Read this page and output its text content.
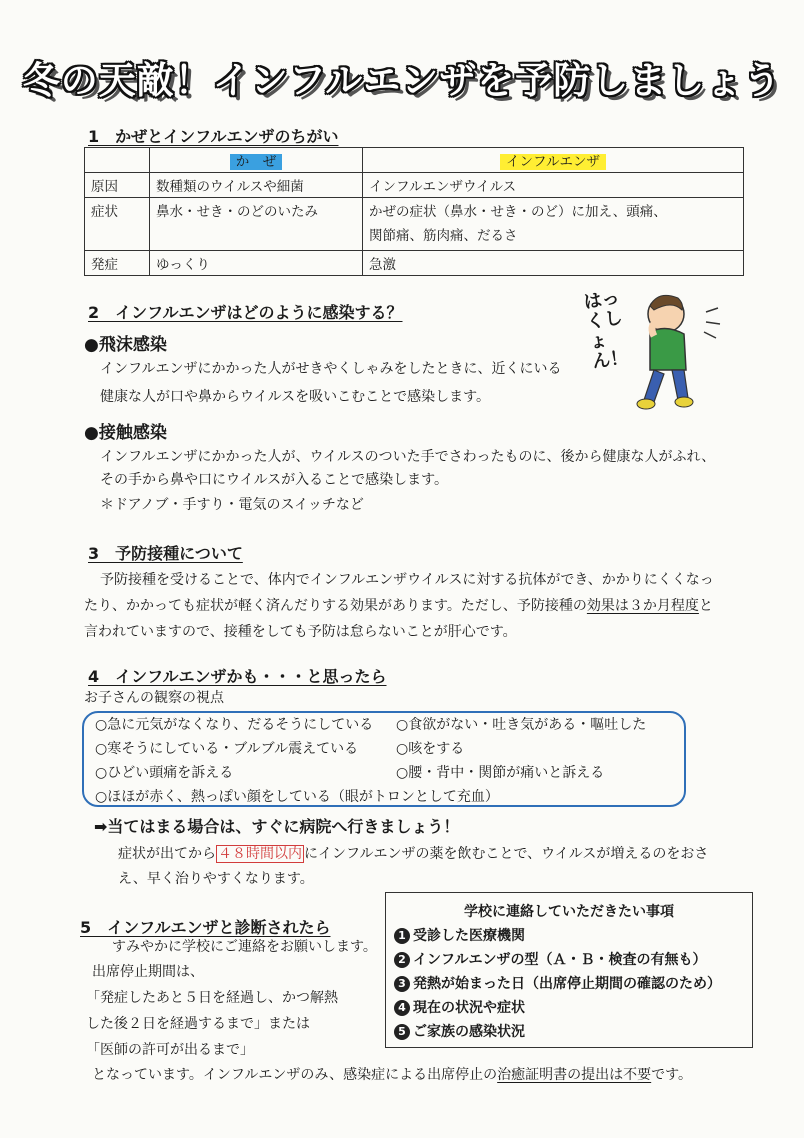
冬の天敵！インフルエンザを予防しましょう
1　かぜとインフルエンザのちがい
	か　ぜ	インフルエンザ
原因	数種類のウイルスや細菌	インフルエンザウイルス
症状	鼻水・せき・のどのいたみ	かぜの症状（鼻水・せき・のど）に加え、頭痛、
関節痛、筋肉痛、だるさ

発症	ゆっくり	急激
2　インフルエンザはどのように感染する？
●飛沫感染
インフルエンザにかかった人がせきやくしゃみをしたときに、近くにいる
健康な人が口や鼻からウイルスを吸いこむことで感染します。
●接触感染
インフルエンザにかかった人が、ウイルスのついた手でさわったものに、後から健康な人がふれ、
その手から鼻や口にウイルスが入ることで感染します。
＊ドアノブ・手すり・電気のスイッチなど
はっくしょん！
3　予防接種について
予防接種を受けることで、体内でインフルエンザウイルスに対する抗体ができ、かかりにくくなっ
たり、かかっても症状が軽く済んだりする効果があります。ただし、予防接種の効果は３か月程度と
言われていますので、接種をしても予防は怠らないことが肝心です。
4　インフルエンザかも・・・と思ったら
お子さんの観察の視点
○急に元気がなくなり、だるそうにしている ○食欲がない・吐き気がある・嘔吐した
○寒そうにしている・ブルブル震えている	○咳をする
○ひどい頭痛を訴える	○腰・背中・関節が痛いと訴える
○ほほが赤く、熱っぽい顔をしている（眼がトロンとして充血）
➡当てはまる場合は、すぐに病院へ行きましょう！
症状が出てから ４８時間以内 にインフルエンザの薬を飲むことで、ウイルスが増えるのをおさ
え、早く治りやすくなります。
5　インフルエンザと診断されたら
すみやかに学校にご連絡をお願いします。
出席停止期間は、
「発症したあと５日を経過し、かつ解熱
した後２日を経過するまで」または
「医師の許可が出るまで」
となっています。インフルエンザのみ、感染症による出席停止の治癒証明書の提出は不要です。
学校に連絡していただきたい事項
1 受診した医療機関
2 インフルエンザの型（Ａ・Ｂ・検査の有無も）
3 発熱が始まった日（出席停止期間の確認のため）
4 現在の状況や症状
5 ご家族の感染状況
